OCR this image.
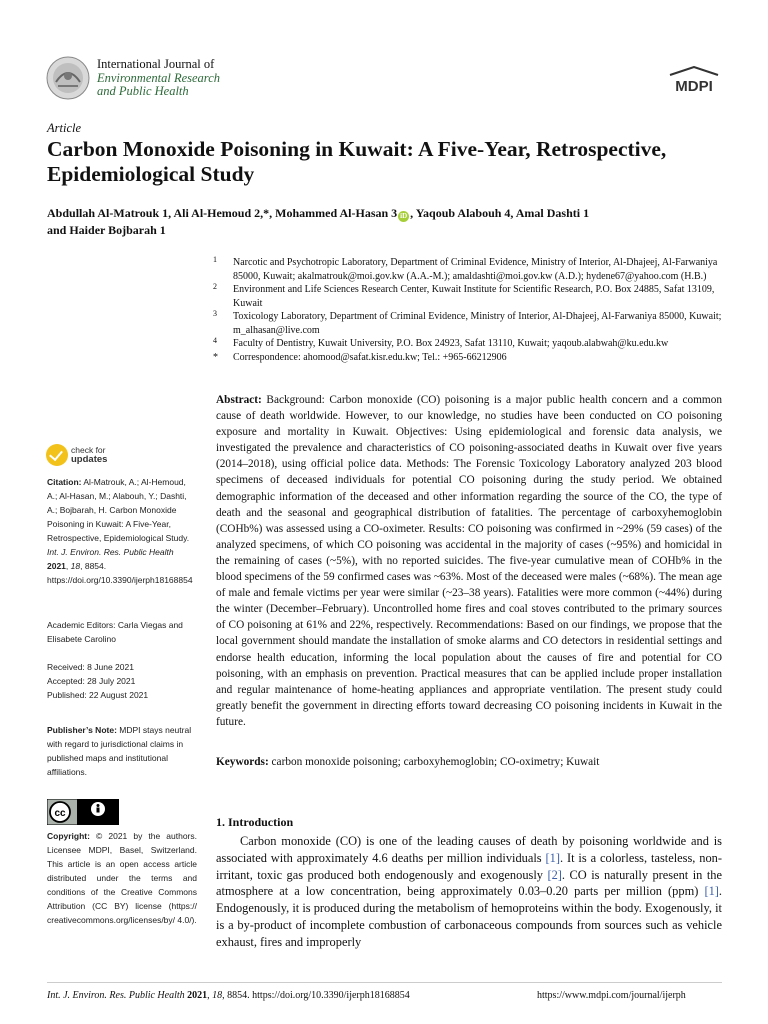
International Journal of
Environmental Research
and Public Health	MDPI
Article
Carbon Monoxide Poisoning in Kuwait: A Five-Year, Retrospective, Epidemiological Study
Abdullah Al-Matrouk 1, Ali Al-Hemoud 2,*, Mohammed Al-Hasan 3 iD , Yaqoub Alabouh 4, Amal Dashti 1
and Haider Bojbarah 1
1 Narcotic and Psychotropic Laboratory, Department of Criminal Evidence, Ministry of Interior, Al-Dhajeej, Al-Farwaniya 85000, Kuwait; akalmatrouk@moi.gov.kw (A.A.-M.); amaldashti@moi.gov.kw (A.D.); hydene67@yahoo.com (H.B.)
2 Environment and Life Sciences Research Center, Kuwait Institute for Scientific Research, P.O. Box 24885, Safat 13109, Kuwait
3 Toxicology Laboratory, Department of Criminal Evidence, Ministry of Interior, Al-Dhajeej, Al-Farwaniya 85000, Kuwait; m_alhasan@live.com
4 Faculty of Dentistry, Kuwait University, P.O. Box 24923, Safat 13110, Kuwait; yaqoub.alabwah@ku.edu.kw
* Correspondence: ahomood@safat.kisr.edu.kw; Tel.: +965-66212906
Abstract: Background: Carbon monoxide (CO) poisoning is a major public health concern and a common cause of death worldwide. However, to our knowledge, no studies have been conducted on CO poisoning exposure and mortality in Kuwait. Objectives: Using epidemiological and forensic data analysis, we investigated the prevalence and characteristics of CO poisoning-associated deaths in Kuwait over five years (2014–2018), using official police data. Methods: The Forensic Toxicology Laboratory analyzed 203 blood specimens of deceased individuals for potential CO poisoning during the study period. We obtained demographic information of the deceased and other information regarding the source of the CO, the type of death and the seasonal and geographical distribution of fatalities. The percentage of carboxyhemoglobin (COHb%) was assessed using a CO-oximeter. Results: CO poisoning was confirmed in ~29% (59 cases) of the analyzed specimens, of which CO poisoning was accidental in the majority of cases (~95%) and homicidal in the remaining of cases (~5%), with no reported suicides. The five-year cumulative mean of COHb% in the blood specimens of the 59 confirmed cases was ~63%. Most of the deceased were males (~68%). The mean age of male and female victims per year were similar (~23–38 years). Fatalities were more common (~44%) during the winter (December–February). Uncontrolled home fires and coal stoves contributed to the primary sources of CO poisoning at 61% and 22%, respectively. Recommendations: Based on our findings, we propose that the local government should mandate the installation of smoke alarms and CO detectors in residential settings and endorse health education, informing the local population about the causes of fire and potential for CO poisoning, with an emphasis on prevention. Practical measures that can be applied include proper installation and regular maintenance of home-heating appliances and appropriate ventilation. The present study could greatly benefit the government in directing efforts toward decreasing CO poisoning incidents in Kuwait in the future.
Keywords: carbon monoxide poisoning; carboxyhemoglobin; CO-oximetry; Kuwait
check for
updates
Citation: Al-Matrouk, A.; Al-Hemoud, A.; Al-Hasan, M.; Alabouh, Y.; Dashti, A.; Bojbarah, H. Carbon Monoxide Poisoning in Kuwait: A Five-Year, Retrospective, Epidemiological Study. Int. J. Environ. Res. Public Health 2021, 18, 8854. https://doi.org/10.3390/ijerph18168854
Academic Editors: Carla Viegas and Elisabete Carolino
Received: 8 June 2021
Accepted: 28 July 2021
Published: 22 August 2021
Publisher’s Note: MDPI stays neutral with regard to jurisdictional claims in published maps and institutional affiliations.
cc
Copyright: © 2021 by the authors. Licensee MDPI, Basel, Switzerland. This article is an open access article distributed under the terms and conditions of the Creative Commons Attribution (CC BY) license (https:// creativecommons.org/licenses/by/ 4.0/).
1. Introduction
Carbon monoxide (CO) is one of the leading causes of death by poisoning worldwide and is associated with approximately 4.6 deaths per million individuals [1]. It is a colorless, tasteless, non-irritant, toxic gas produced both endogenously and exogenously [2]. CO is naturally present in the atmosphere at a low concentration, being approximately 0.03–0.20 parts per million (ppm) [1]. Endogenously, it is produced during the metabolism of hemoproteins within the body. Exogenously, it is a by-product of incomplete combustion of carbonaceous compounds from sources such as vehicle exhaust, fires and improperly
Int. J. Environ. Res. Public Health 2021, 18, 8854. https://doi.org/10.3390/ijerph18168854	https://www.mdpi.com/journal/ijerph
